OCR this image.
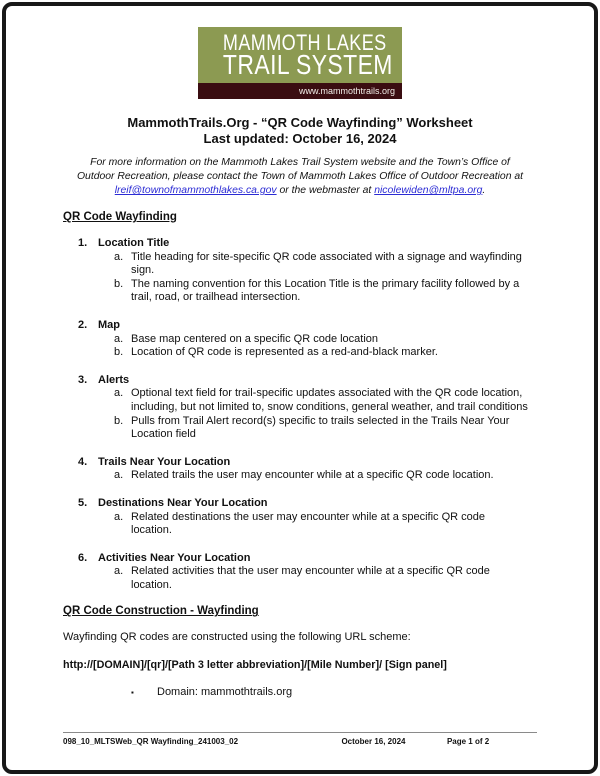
MAMMOTH LAKES
TRAIL SYSTEM
www.mammothtrails.org
MammothTrails.Org - “QR Code Wayfinding” Worksheet
Last updated: October 16, 2024
For more information on the Mammoth Lakes Trail System website and the Town’s Office of Outdoor Recreation, please contact the Town of Mammoth Lakes Office of Outdoor Recreation at lreif@townofmammothlakes.ca.gov or the webmaster at nicolewiden@mltpa.org.
QR Code Wayfinding
1. Location Title
a. Title heading for site-specific QR code associated with a signage and wayfinding sign.
b. The naming convention for this Location Title is the primary facility followed by a trail, road, or trailhead intersection.
2. Map
a. Base map centered on a specific QR code location
b. Location of QR code is represented as a red-and-black marker.
3. Alerts
a. Optional text field for trail-specific updates associated with the QR code location, including, but not limited to, snow conditions, general weather, and trail conditions
b. Pulls from Trail Alert record(s) specific to trails selected in the Trails Near Your Location field
4. Trails Near Your Location
a. Related trails the user may encounter while at a specific QR code location.
5. Destinations Near Your Location
a. Related destinations the user may encounter while at a specific QR code location.
6. Activities Near Your Location
a. Related activities that the user may encounter while at a specific QR code location.
QR Code Construction - Wayfinding
Wayfinding QR codes are constructed using the following URL scheme:
http://[DOMAIN]/[qr]/[Path 3 letter abbreviation]/[Mile Number]/ [Sign panel]
▪	Domain: mammothtrails.org
098_10_MLTSWeb_QR Wayfinding_241003_02	October 16, 2024	Page 1 of 2
